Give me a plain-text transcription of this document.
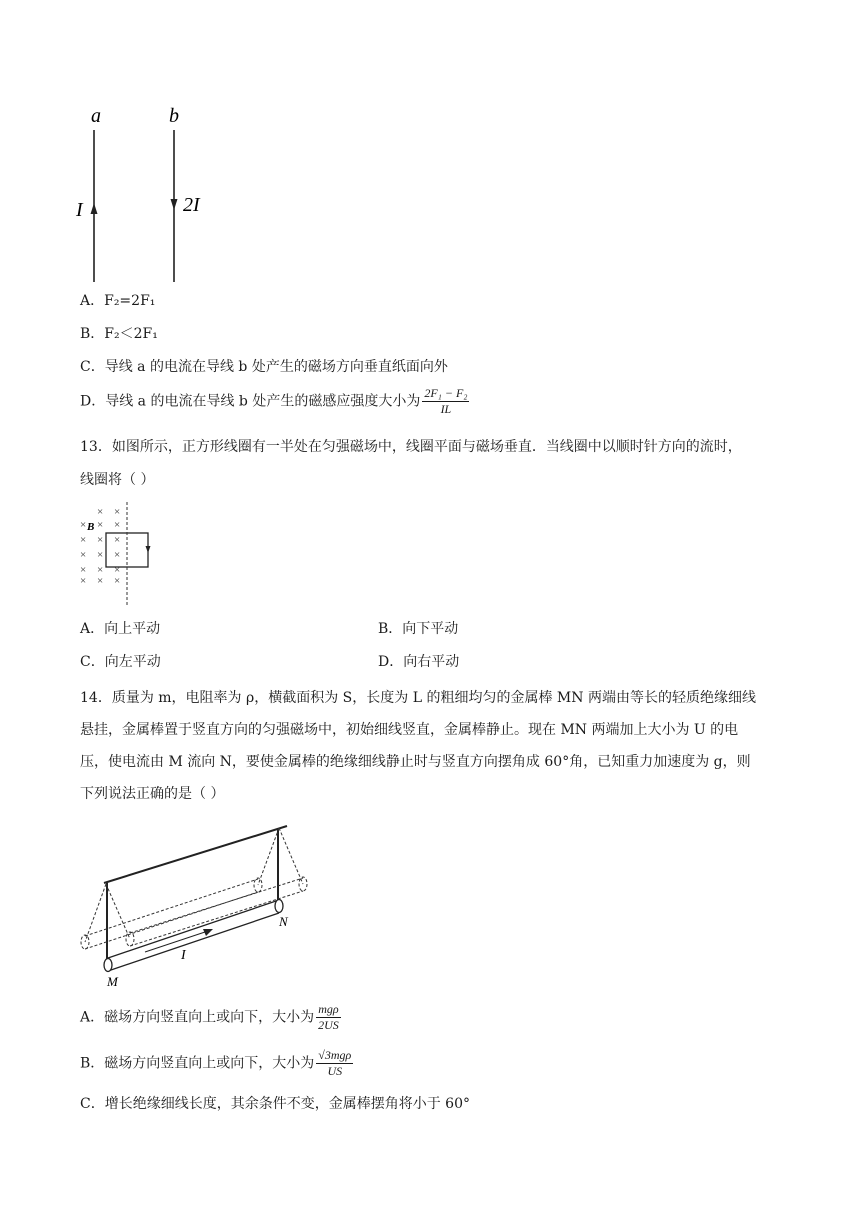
a	b
I	2I
A．F₂=2F₁
B．F₂＜2F₁
C．导线 a 的电流在导线 b 处产生的磁场方向垂直纸面向外
D．导线 a 的电流在导线 b 处产生的磁感应强度大小为 $\frac{\text{2F₁ − F₂}}{IL}$
13．如图所示，正方形线圈有一半处在匀强磁场中，线圈平面与磁场垂直．当线圈中以顺时针方向的流时，
线圈将（ ）
× × ×
× × ×
× × ×
× × ×
× × ×
×
×
B
A．向上平动	B．向下平动
C．向左平动	D．向右平动
14．质量为 m，电阻率为 ρ，横截面积为 S，长度为 L 的粗细均匀的金属棒 MN 两端由等长的轻质绝缘细线
悬挂，金属棒置于竖直方向的匀强磁场中，初始细线竖直，金属棒静止。现在 MN 两端加上大小为 U 的电
压，使电流由 M 流向 N，要使金属棒的绝缘细线静止时与竖直方向摆角成 60°角，已知重力加速度为 g，则
下列说法正确的是（ ）
I
M
N
A．磁场方向竖直向上或向下，大小为 $\frac{\text{mgρ}}{2US}$
B．磁场方向竖直向上或向下，大小为 $\frac{\text{√3mgρ}}{US}$
C．增长绝缘细线长度，其余条件不变，金属棒摆角将小于 60°
